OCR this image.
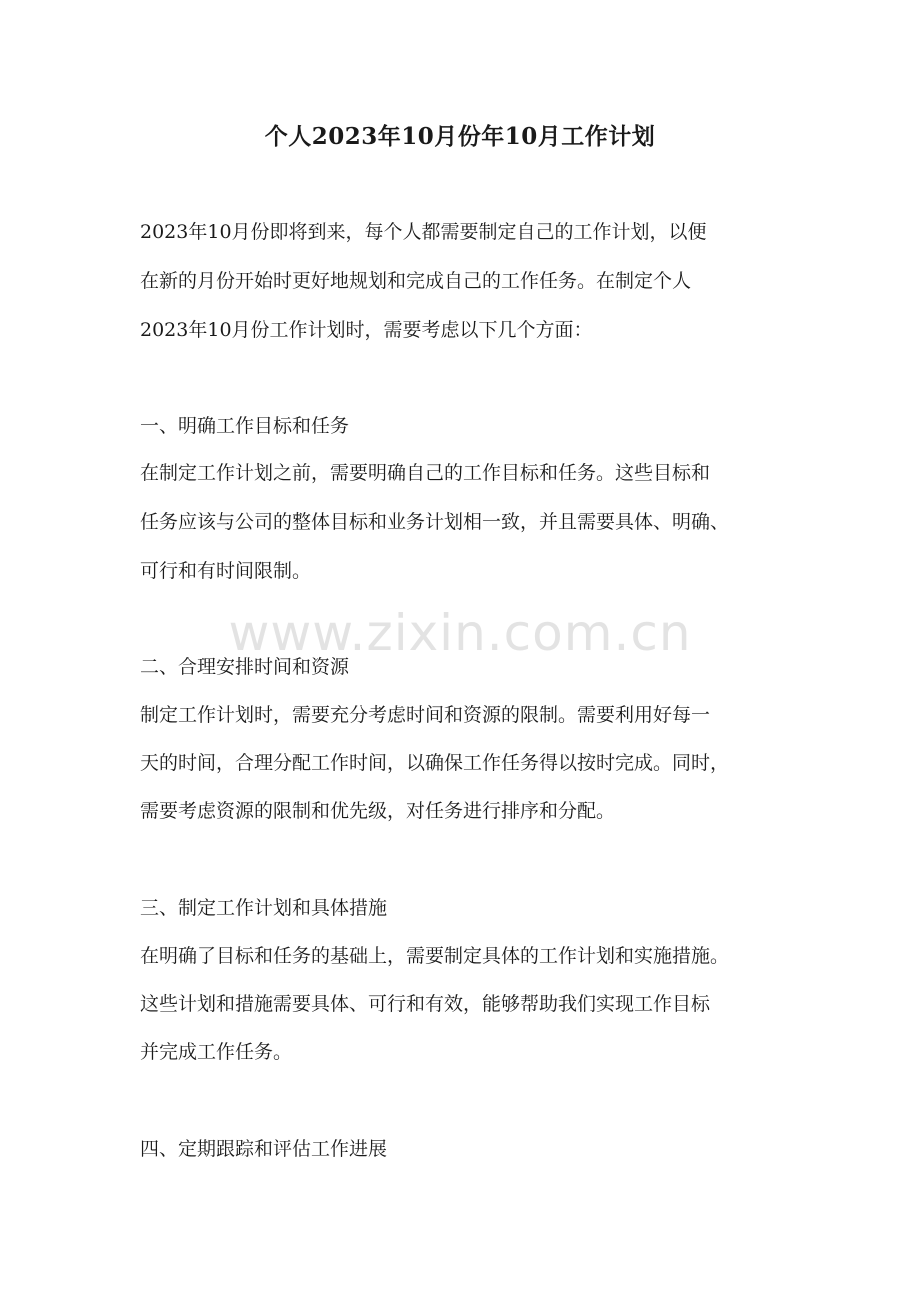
个人2023年10月份年10月工作计划
2023年10月份即将到来，每个人都需要制定自己的工作计划，以便
在新的月份开始时更好地规划和完成自己的工作任务。在制定个人
2023年10月份工作计划时，需要考虑以下几个方面：
一、明确工作目标和任务
在制定工作计划之前，需要明确自己的工作目标和任务。这些目标和
任务应该与公司的整体目标和业务计划相一致，并且需要具体、明确、
可行和有时间限制。
www.zixin.com.cn
二、合理安排时间和资源
制定工作计划时，需要充分考虑时间和资源的限制。需要利用好每一
天的时间，合理分配工作时间，以确保工作任务得以按时完成。同时，
需要考虑资源的限制和优先级，对任务进行排序和分配。
三、制定工作计划和具体措施
在明确了目标和任务的基础上，需要制定具体的工作计划和实施措施。
这些计划和措施需要具体、可行和有效，能够帮助我们实现工作目标
并完成工作任务。
四、定期跟踪和评估工作进展
